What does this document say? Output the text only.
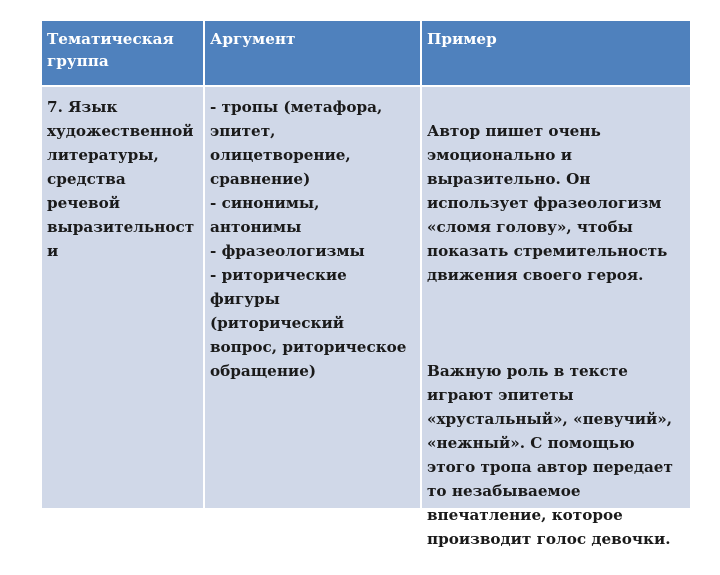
Тематическая
группа
Аргумент	Пример
7. Язык
художественной
литературы,
средства
речевой
выразительност
и
- тропы (метафора,
эпитет,
олицетворение,
сравнение)
- синонимы,
антонимы
- фразеологизмы
- риторические
фигуры
(риторический
вопрос, риторическое
обращение)

Автор пишет очень
эмоционально и
выразительно. Он
использует фразеологизм
«сломя голову», чтобы
показать стремительность
движения своего героя.

Важную роль в тексте
играют эпитеты
«хрустальный», «певучий»,
«нежный». С помощью
этого тропа автор передает
то незабываемое
впечатление, которое
производит голос девочки.
